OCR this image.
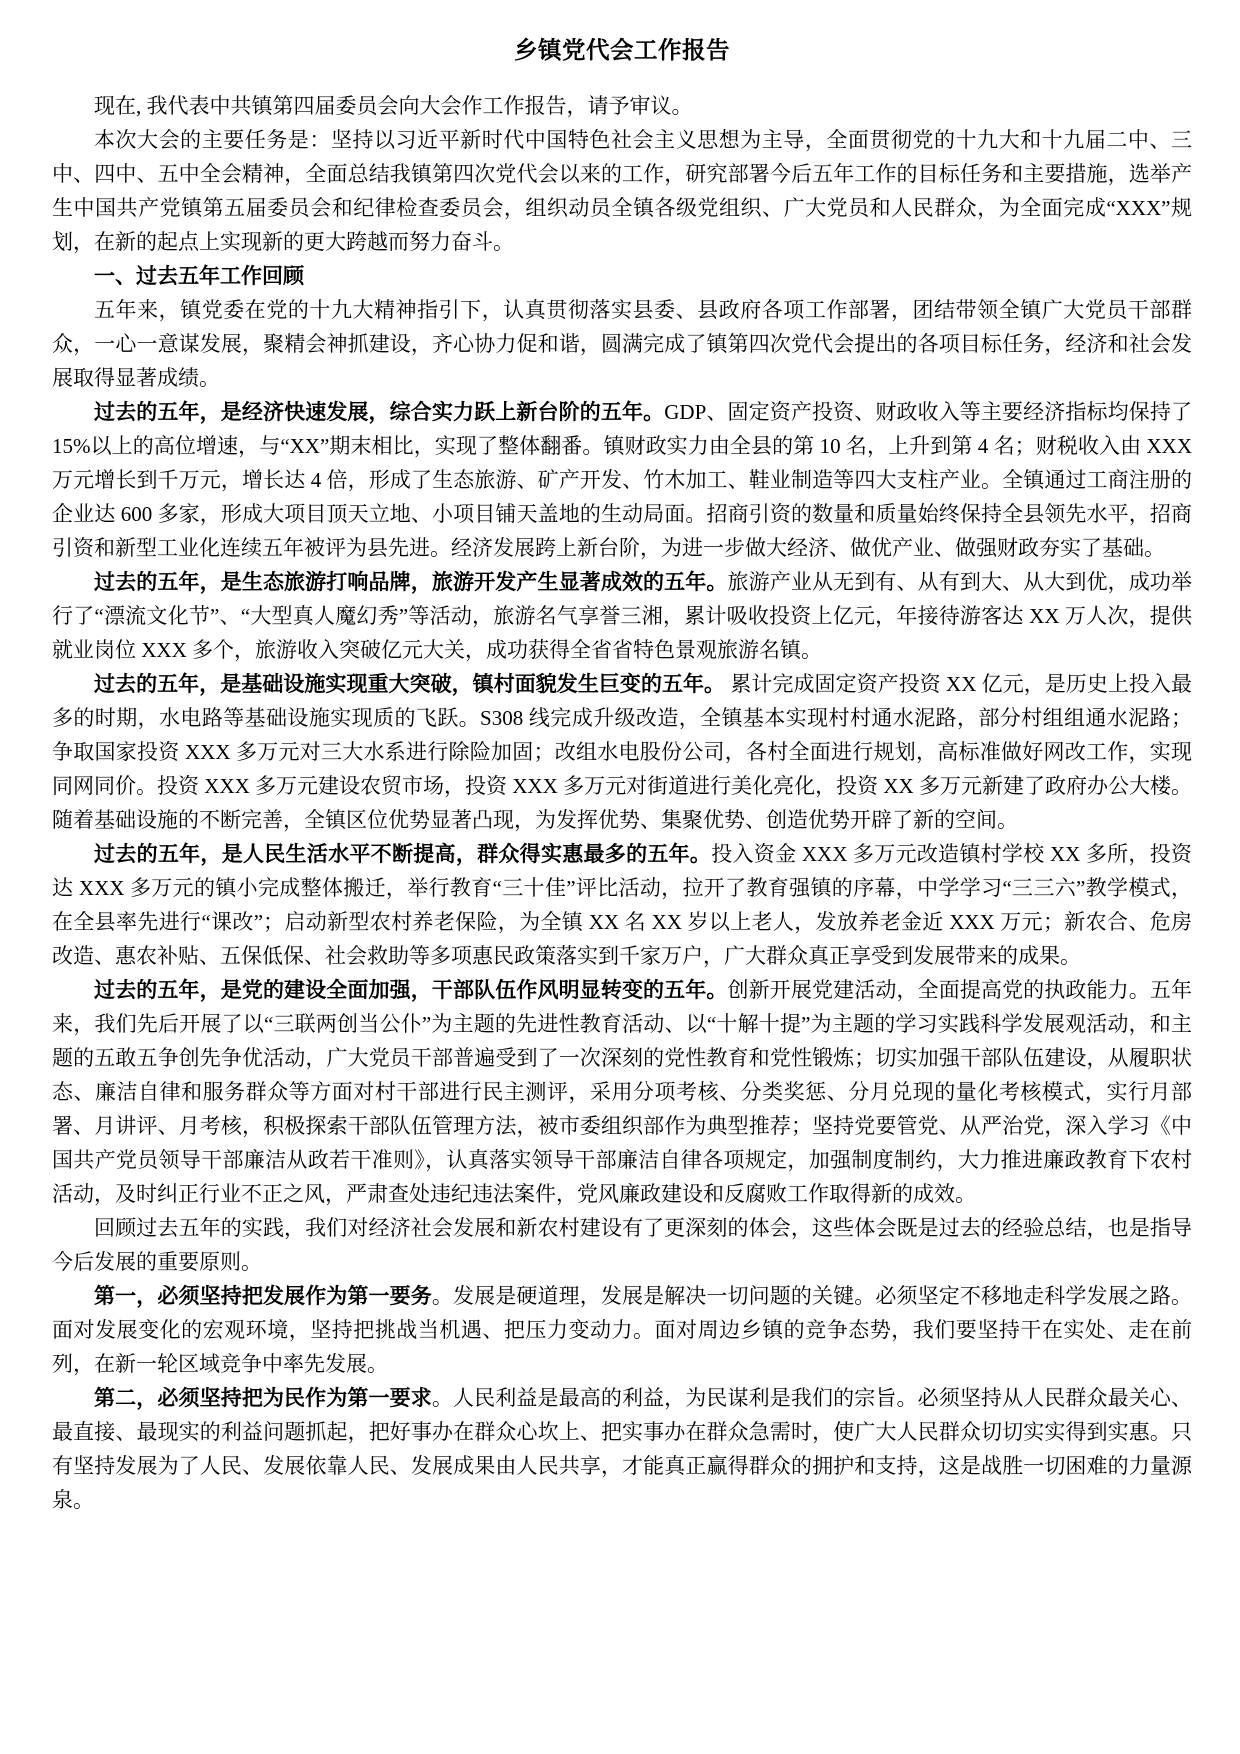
乡镇党代会工作报告

现在, 我代表中共镇第四届委员会向大会作工作报告，请予审议。

本次大会的主要任务是：坚持以习近平新时代中国特色社会主义思想为主导，全面贯彻党的十九大和十九届二中、三中、四中、五中全会精神，全面总结我镇第四次党代会以来的工作，研究部署今后五年工作的目标任务和主要措施，选举产生中国共产党镇第五届委员会和纪律检查委员会，组织动员全镇各级党组织、广大党员和人民群众，为全面完成“XXX”规划，在新的起点上实现新的更大跨越而努力奋斗。

一、过去五年工作回顾

五年来，镇党委在党的十九大精神指引下，认真贯彻落实县委、县政府各项工作部署，团结带领全镇广大党员干部群众，一心一意谋发展，聚精会神抓建设，齐心协力促和谐，圆满完成了镇第四次党代会提出的各项目标任务，经济和社会发展取得显著成绩。

过去的五年，是经济快速发展，综合实力跃上新台阶的五年。GDP、固定资产投资、财政收入等主要经济指标均保持了 15%以上的高位增速，与“XX”期末相比，实现了整体翻番。镇财政实力由全县的第 10 名，上升到第 4 名；财税收入由 XXX 万元增长到千万元，增长达 4 倍，形成了生态旅游、矿产开发、竹木加工、鞋业制造等四大支柱产业。全镇通过工商注册的企业达 600 多家，形成大项目顶天立地、小项目铺天盖地的生动局面。招商引资的数量和质量始终保持全县领先水平，招商引资和新型工业化连续五年被评为县先进。经济发展跨上新台阶，为进一步做大经济、做优产业、做强财政夯实了基础。

过去的五年，是生态旅游打响品牌，旅游开发产生显著成效的五年。旅游产业从无到有、从有到大、从大到优，成功举行了“漂流文化节”、“大型真人魔幻秀”等活动，旅游名气享誉三湘，累计吸收投资上亿元，年接待游客达 XX 万人次，提供就业岗位 XXX 多个，旅游收入突破亿元大关，成功获得全省省特色景观旅游名镇。

过去的五年，是基础设施实现重大突破，镇村面貌发生巨变的五年。 累计完成固定资产投资 XX 亿元，是历史上投入最多的时期，水电路等基础设施实现质的飞跃。S308 线完成升级改造，全镇基本实现村村通水泥路，部分村组组通水泥路；争取国家投资 XXX 多万元对三大水系进行除险加固；改组水电股份公司，各村全面进行规划，高标准做好网改工作，实现同网同价。投资 XXX 多万元建设农贸市场，投资 XXX 多万元对街道进行美化亮化，投资 XX 多万元新建了政府办公大楼。随着基础设施的不断完善，全镇区位优势显著凸现，为发挥优势、集聚优势、创造优势开辟了新的空间。

过去的五年，是人民生活水平不断提高，群众得实惠最多的五年。投入资金 XXX 多万元改造镇村学校 XX 多所，投资达 XXX 多万元的镇小完成整体搬迁，举行教育“三十佳”评比活动，拉开了教育强镇的序幕，中学学习“三三六”教学模式，在全县率先进行“课改”；启动新型农村养老保险，为全镇 XX 名 XX 岁以上老人，发放养老金近 XXX 万元；新农合、危房改造、惠农补贴、五保低保、社会救助等多项惠民政策落实到千家万户，广大群众真正享受到发展带来的成果。

过去的五年，是党的建设全面加强，干部队伍作风明显转变的五年。创新开展党建活动，全面提高党的执政能力。五年来，我们先后开展了以“三联两创当公仆”为主题的先进性教育活动、以“十解十提”为主题的学习实践科学发展观活动，和主题的五敢五争创先争优活动，广大党员干部普遍受到了一次深刻的党性教育和党性锻炼；切实加强干部队伍建设，从履职状态、廉洁自律和服务群众等方面对村干部进行民主测评，采用分项考核、分类奖惩、分月兑现的量化考核模式，实行月部署、月讲评、月考核，积极探索干部队伍管理方法，被市委组织部作为典型推荐；坚持党要管党、从严治党，深入学习《中国共产党员领导干部廉洁从政若干准则》，认真落实领导干部廉洁自律各项规定，加强制度制约，大力推进廉政教育下农村活动，及时纠正行业不正之风，严肃查处违纪违法案件，党风廉政建设和反腐败工作取得新的成效。

回顾过去五年的实践，我们对经济社会发展和新农村建设有了更深刻的体会，这些体会既是过去的经验总结，也是指导今后发展的重要原则。

第一，必须坚持把发展作为第一要务。发展是硬道理，发展是解决一切问题的关键。必须坚定不移地走科学发展之路。面对发展变化的宏观环境，坚持把挑战当机遇、把压力变动力。面对周边乡镇的竞争态势，我们要坚持干在实处、走在前列，在新一轮区域竞争中率先发展。

第二，必须坚持把为民作为第一要求。人民利益是最高的利益，为民谋利是我们的宗旨。必须坚持从人民群众最关心、最直接、最现实的利益问题抓起，把好事办在群众心坎上、把实事办在群众急需时，使广大人民群众切切实实得到实惠。只有坚持发展为了人民、发展依靠人民、发展成果由人民共享，才能真正赢得群众的拥护和支持，这是战胜一切困难的力量源泉。
